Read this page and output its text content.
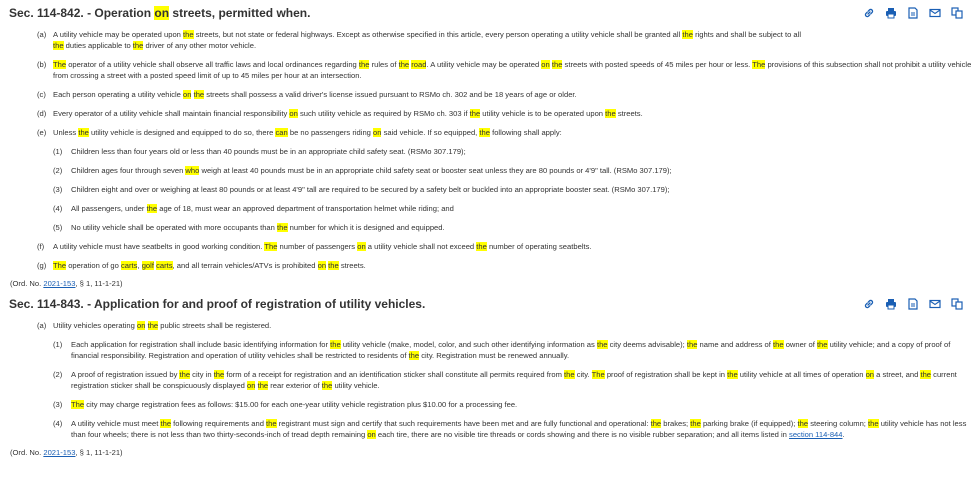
Sec. 114-842. - Operation on streets, permitted when.
(a) A utility vehicle may be operated upon the streets, but not state or federal highways. Except as otherwise specified in this article, every person operating a utility vehicle shall be granted all the rights and shall be subject to all
the duties applicable to the driver of any other motor vehicle.
(b) The operator of a utility vehicle shall observe all traffic laws and local ordinances regarding the rules of the road. A utility vehicle may be operated on the streets with posted speeds of 45 miles per hour or less. The provisions of this subsection shall not prohibit a utility vehicle from crossing a street with a posted speed limit of up to 45 miles per hour at an intersection.
(c) Each person operating a utility vehicle on the streets shall possess a valid driver's license issued pursuant to RSMo ch. 302 and be 18 years of age or older.
(d) Every operator of a utility vehicle shall maintain financial responsibility on such utility vehicle as required by RSMo ch. 303 if the utility vehicle is to be operated upon the streets.
(e) Unless the utility vehicle is designed and equipped to do so, there can be no passengers riding on said vehicle. If so equipped, the following shall apply:
(1)	Children less than four years old or less than 40 pounds must be in an appropriate child safety seat. (RSMo 307.179);
(2)	Children ages four through seven who weigh at least 40 pounds must be in an appropriate child safety seat or booster seat unless they are 80 pounds or 4'9" tall. (RSMo 307.179);
(3)	Children eight and over or weighing at least 80 pounds or at least 4'9" tall are required to be secured by a safety belt or buckled into an appropriate booster seat. (RSMo 307.179);
(4)	All passengers, under the age of 18, must wear an approved department of transportation helmet while riding; and
(5)	No utility vehicle shall be operated with more occupants than the number for which it is designed and equipped.
(f)	A utility vehicle must have seatbelts in good working condition. The number of passengers on a utility vehicle shall not exceed the number of operating seatbelts.
(g) The operation of go carts, golf carts, and all terrain vehicles/ATVs is prohibited on the streets.
(Ord. No. 2021-153, § 1, 11-1-21)
Sec. 114-843. - Application for and proof of registration of utility vehicles.
(a) Utility vehicles operating on the public streets shall be registered.
(1)	Each application for registration shall include basic identifying information for the utility vehicle (make, model, color, and such other identifying information as the city deems advisable); the name and address of the owner of the utility vehicle; and a copy of proof of financial responsibility. Registration and operation of utility vehicles shall be restricted to residents of the city. Registration must be renewed annually.
(2)	A proof of registration issued by the city in the form of a receipt for registration and an identification sticker shall constitute all permits required from the city. The proof of registration shall be kept in the utility vehicle at all times of operation on a street, and the current registration sticker shall be conspicuously displayed on the rear exterior of the utility vehicle.
(3)	The city may charge registration fees as follows: $15.00 for each one-year utility vehicle registration plus $10.00 for a processing fee.
(4)	A utility vehicle must meet the following requirements and the registrant must sign and certify that such requirements have been met and are fully functional and operational: the brakes; the parking brake (if equipped); the steering column; the utility vehicle has not less than four wheels; there is not less than two thirty-seconds-inch of tread depth remaining on each tire, there are no visible tire threads or cords showing and there is no visible rubber separation; and all items listed in section 114-844.
(Ord. No. 2021-153, § 1, 11-1-21)
